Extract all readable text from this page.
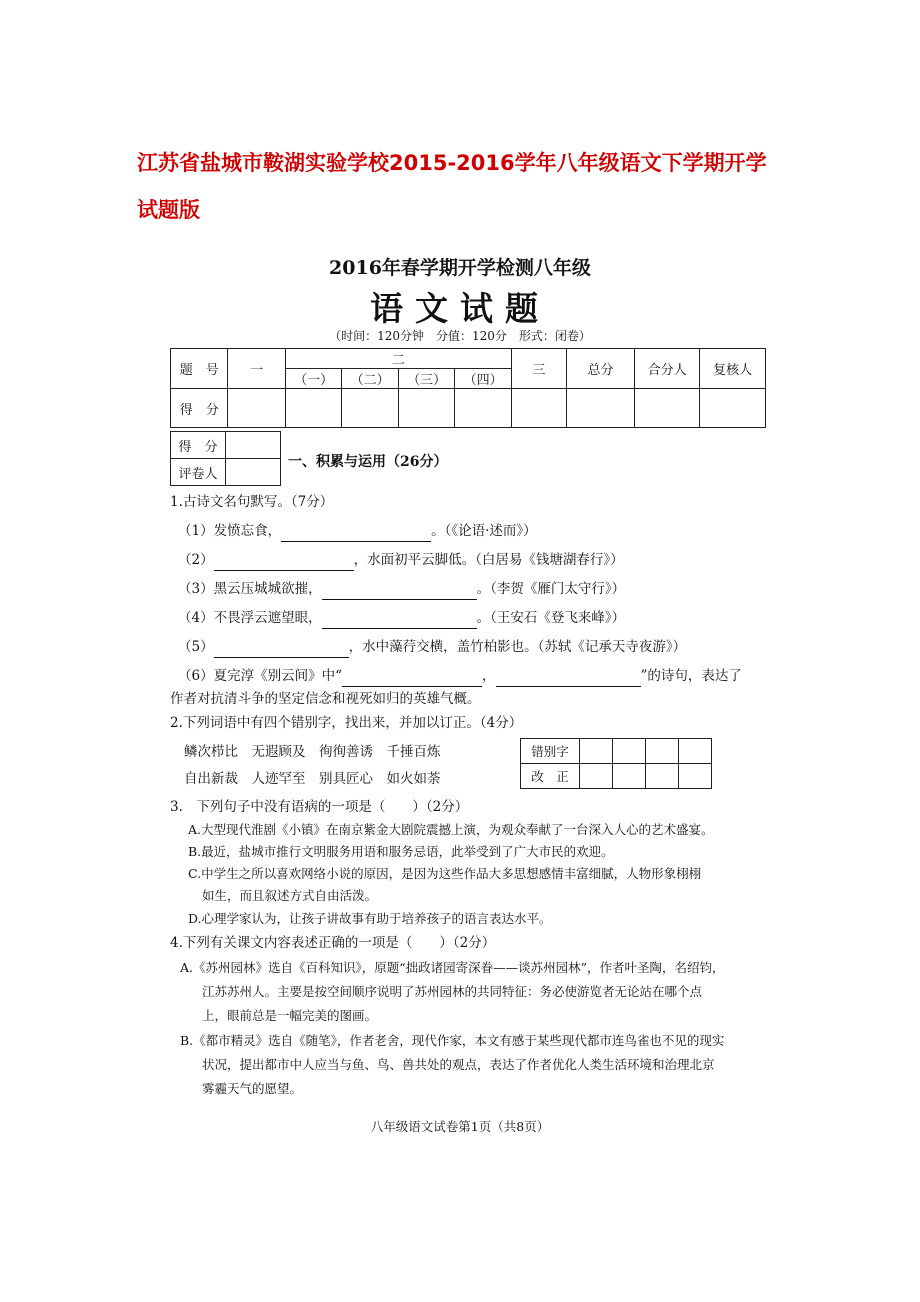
江苏省盐城市鞍湖实验学校2015-2016学年八年级语文下学期开学
试题版
2016年春学期开学检测八年级
语文试题
（时间：120分钟　分值：120分　形式：闭卷）
题　号	一	二				三	总分	合分人	复核人
		（一）	（二）	（三）	（四）				
得　分									
得　分	
评卷人	
一、积累与运用（26分）
1.古诗文名句默写。（7分）
（1）发愤忘食，	。（《论语·述而》）
（2）	，水面初平云脚低。（白居易《钱塘湖春行》）
（3）黑云压城城欲摧，	。（李贺《雁门太守行》）
（4）不畏浮云遮望眼，	。（王安石《登飞来峰》）
（5）	，水中藻荇交横，盖竹柏影也。（苏轼《记承天寺夜游》）
（6）夏完淳《别云间》中“	，	”的诗句，表达了
作者对抗清斗争的坚定信念和视死如归的英雄气概。
2.下列词语中有四个错别字，找出来，并加以订正。（4分）
鳞次栉比　无遐顾及　徇徇善诱　千捶百炼
自出新裁　人迹罕至　别具匠心　如火如荼
错别字				
改　正				
3.　下列句子中没有语病的一项是（　　）（2分）
A.大型现代淮剧《小镇》在南京紫金大剧院震撼上演，为观众奉献了一台深入人心的艺术盛宴。
B.最近，盐城市推行文明服务用语和服务忌语，此举受到了广大市民的欢迎。
C.中学生之所以喜欢网络小说的原因，是因为这些作品大多思想感情丰富细腻，人物形象栩栩
如生，而且叙述方式自由活泼。
D.心理学家认为，让孩子讲故事有助于培养孩子的语言表达水平。
4.下列有关课文内容表述正确的一项是（　　）（2分）
A.《苏州园林》选自《百科知识》，原题“拙政诸园寄深眷——谈苏州园林”，作者叶圣陶，名绍钧，
江苏苏州人。主要是按空间顺序说明了苏州园林的共同特征：务必使游览者无论站在哪个点
上，眼前总是一幅完美的图画。
B.《都市精灵》选自《随笔》，作者老舍，现代作家，本文有感于某些现代都市连鸟雀也不见的现实
状况，提出都市中人应当与鱼、鸟、兽共处的观点，表达了作者优化人类生活环境和治理北京
雾霾天气的愿望。
八年级语文试卷第1页（共8页）
